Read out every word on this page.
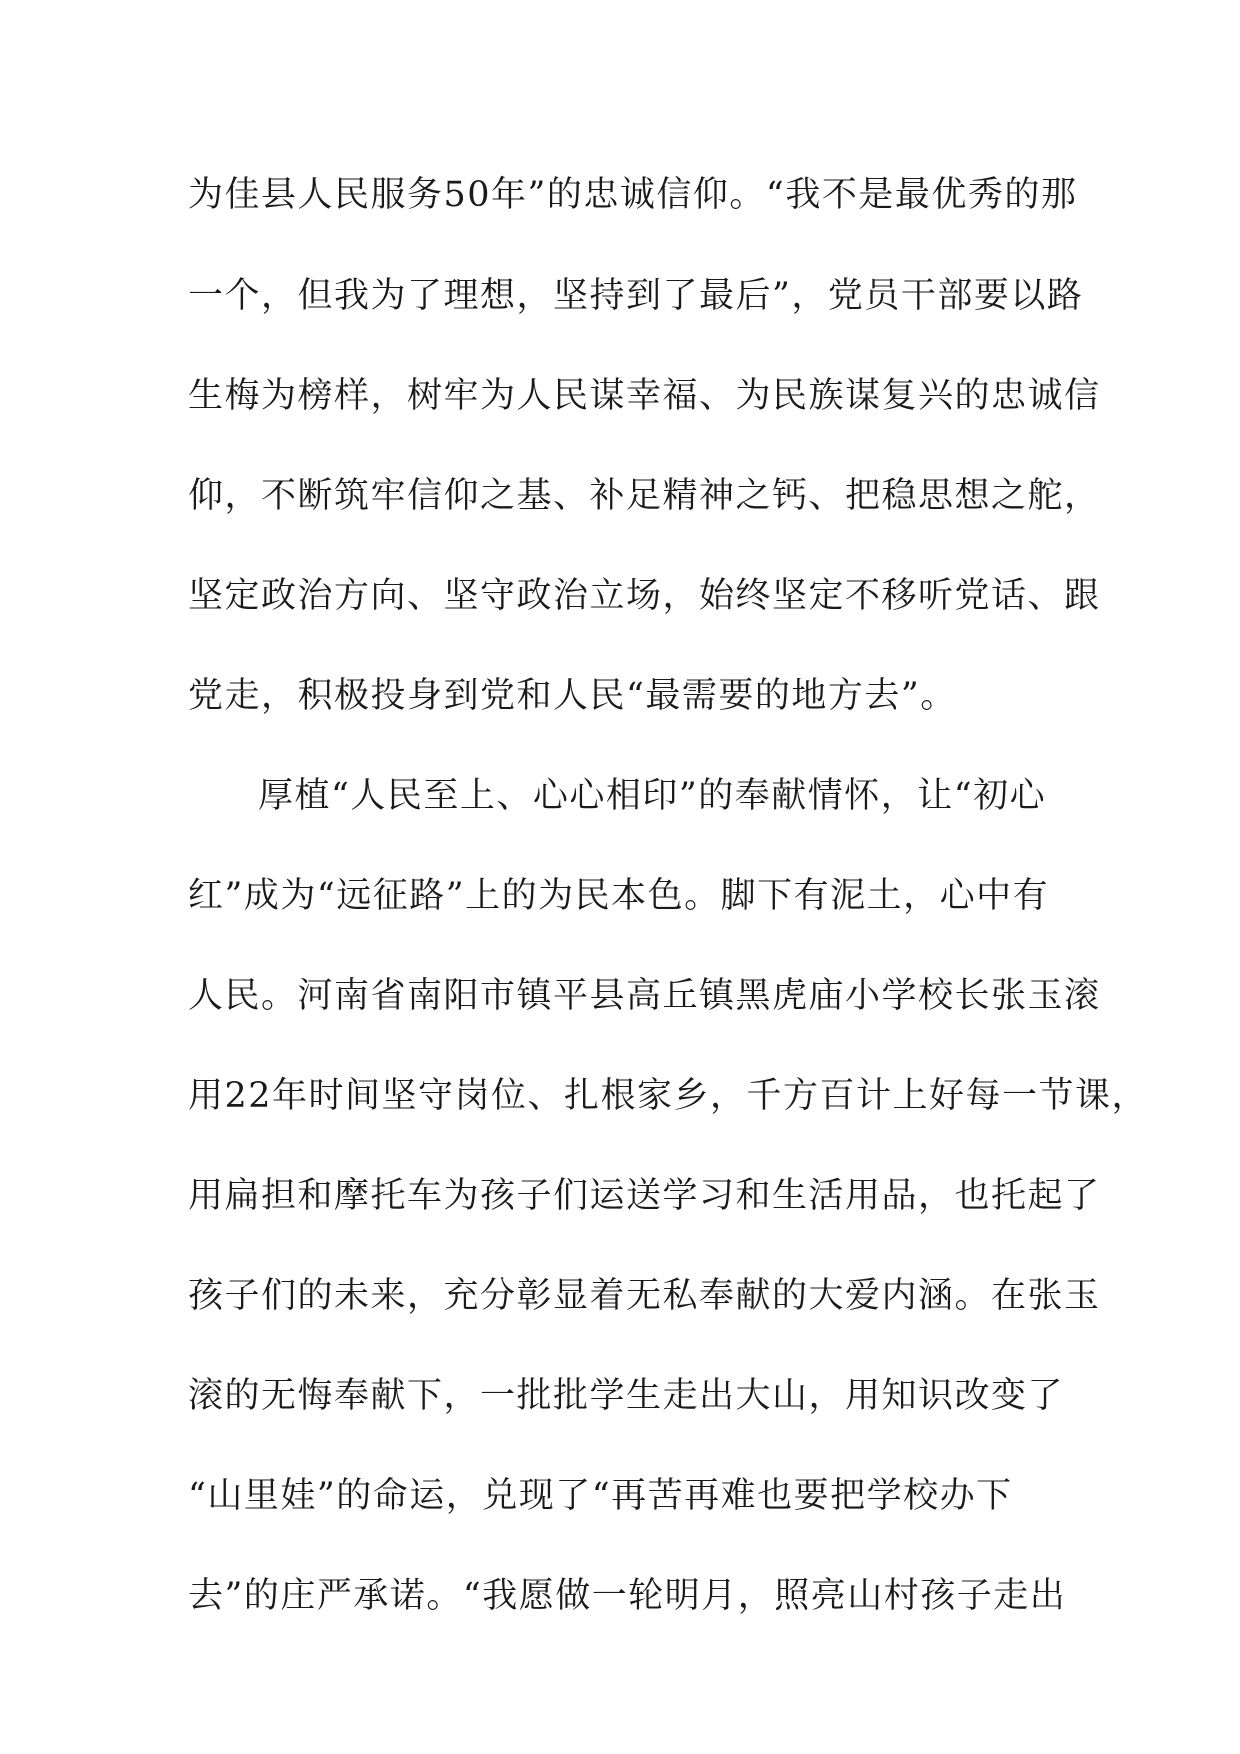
为佳县人民服务50年”的忠诚信仰。“我不是最优秀的那
一个，但我为了理想，坚持到了最后”，党员干部要以路
生梅为榜样，树牢为人民谋幸福、为民族谋复兴的忠诚信
仰，不断筑牢信仰之基、补足精神之钙、把稳思想之舵，
坚定政治方向、坚守政治立场，始终坚定不移听党话、跟
党走，积极投身到党和人民“最需要的地方去”。
厚植“人民至上、心心相印”的奉献情怀，让“初心
红”成为“远征路”上的为民本色。脚下有泥土，心中有
人民。河南省南阳市镇平县高丘镇黑虎庙小学校长张玉滚
用22年时间坚守岗位、扎根家乡，千方百计上好每一节课，
用扁担和摩托车为孩子们运送学习和生活用品，也托起了
孩子们的未来，充分彰显着无私奉献的大爱内涵。在张玉
滚的无悔奉献下，一批批学生走出大山，用知识改变了
“山里娃”的命运，兑现了“再苦再难也要把学校办下
去”的庄严承诺。“我愿做一轮明月，照亮山村孩子走出
